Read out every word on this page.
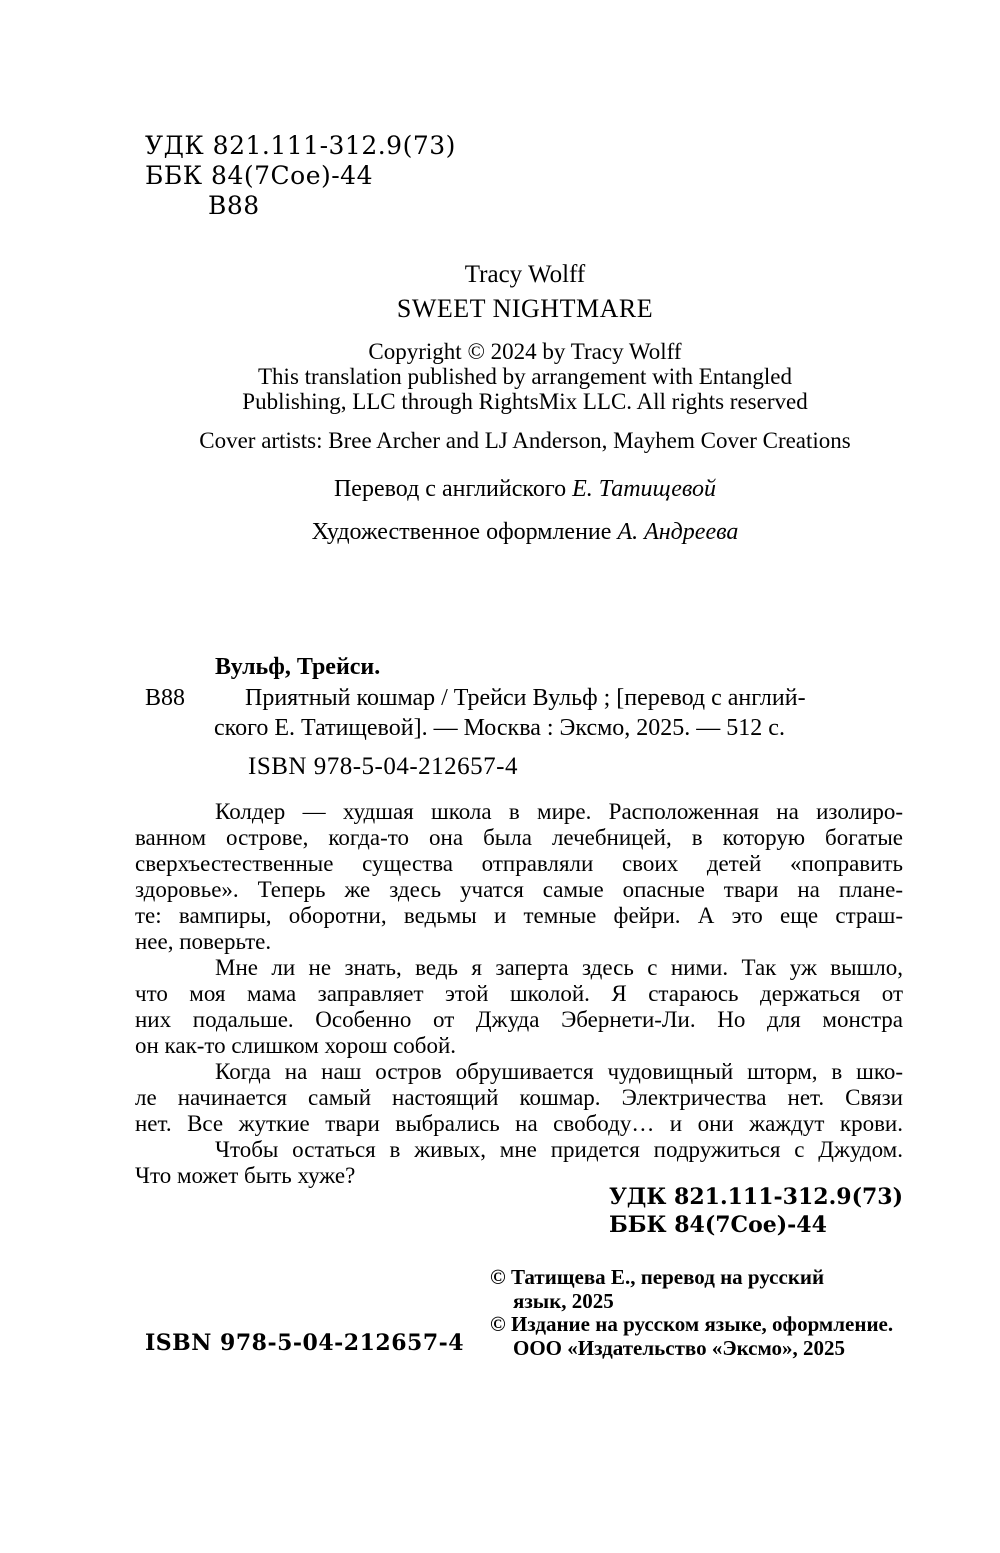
УДК 821.111-312.9(73)
ББК 84(7Сое)-44
В88
Tracy Wolff
SWEET NIGHTMARE
Copyright © 2024 by Tracy Wolff
This translation published by arrangement with Entangled
Publishing, LLC through RightsMix LLC. All rights reserved
Cover artists: Bree Archer and LJ Anderson, Mayhem Cover Creations
Перевод с английского Е. Татищевой
Художественное оформление А. Андреева
Вульф, Трейси.
В88 Приятный кошмар / Трейси Вульф ; [перевод с англий-
ского Е. Татищевой]. — Москва : Эксмо, 2025. — 512 с.
ISBN 978-5-04-212657-4
Колдер — худшая школа в мире. Расположенная на изолиро-
ванном острове, когда-то она была лечебницей, в которую богатые
сверхъестественные существа отправляли своих детей «поправить
здоровье». Теперь же здесь учатся самые опасные твари на плане-
те: вампиры, оборотни, ведьмы и темные фейри. А это еще страш-
нее, поверьте.
Мне ли не знать, ведь я заперта здесь с ними. Так уж вышло,
что моя мама заправляет этой школой. Я стараюсь держаться от
них подальше. Особенно от Джуда Эбернети-Ли. Но для монстра
он как-то слишком хорош собой.
Когда на наш остров обрушивается чудовищный шторм, в шко-
ле начинается самый настоящий кошмар. Электричества нет. Связи
нет. Все жуткие твари выбрались на свободу… и они жаждут крови.
Чтобы остаться в живых, мне придется подружиться с Джудом.
Что может быть хуже?
УДК 821.111-312.9(73)
ББК 84(7Сое)-44
© Татищева Е., перевод на русский
язык, 2025
© Издание на русском языке, оформление.
ООО «Издательство «Эксмо», 2025
ISBN 978-5-04-212657-4
